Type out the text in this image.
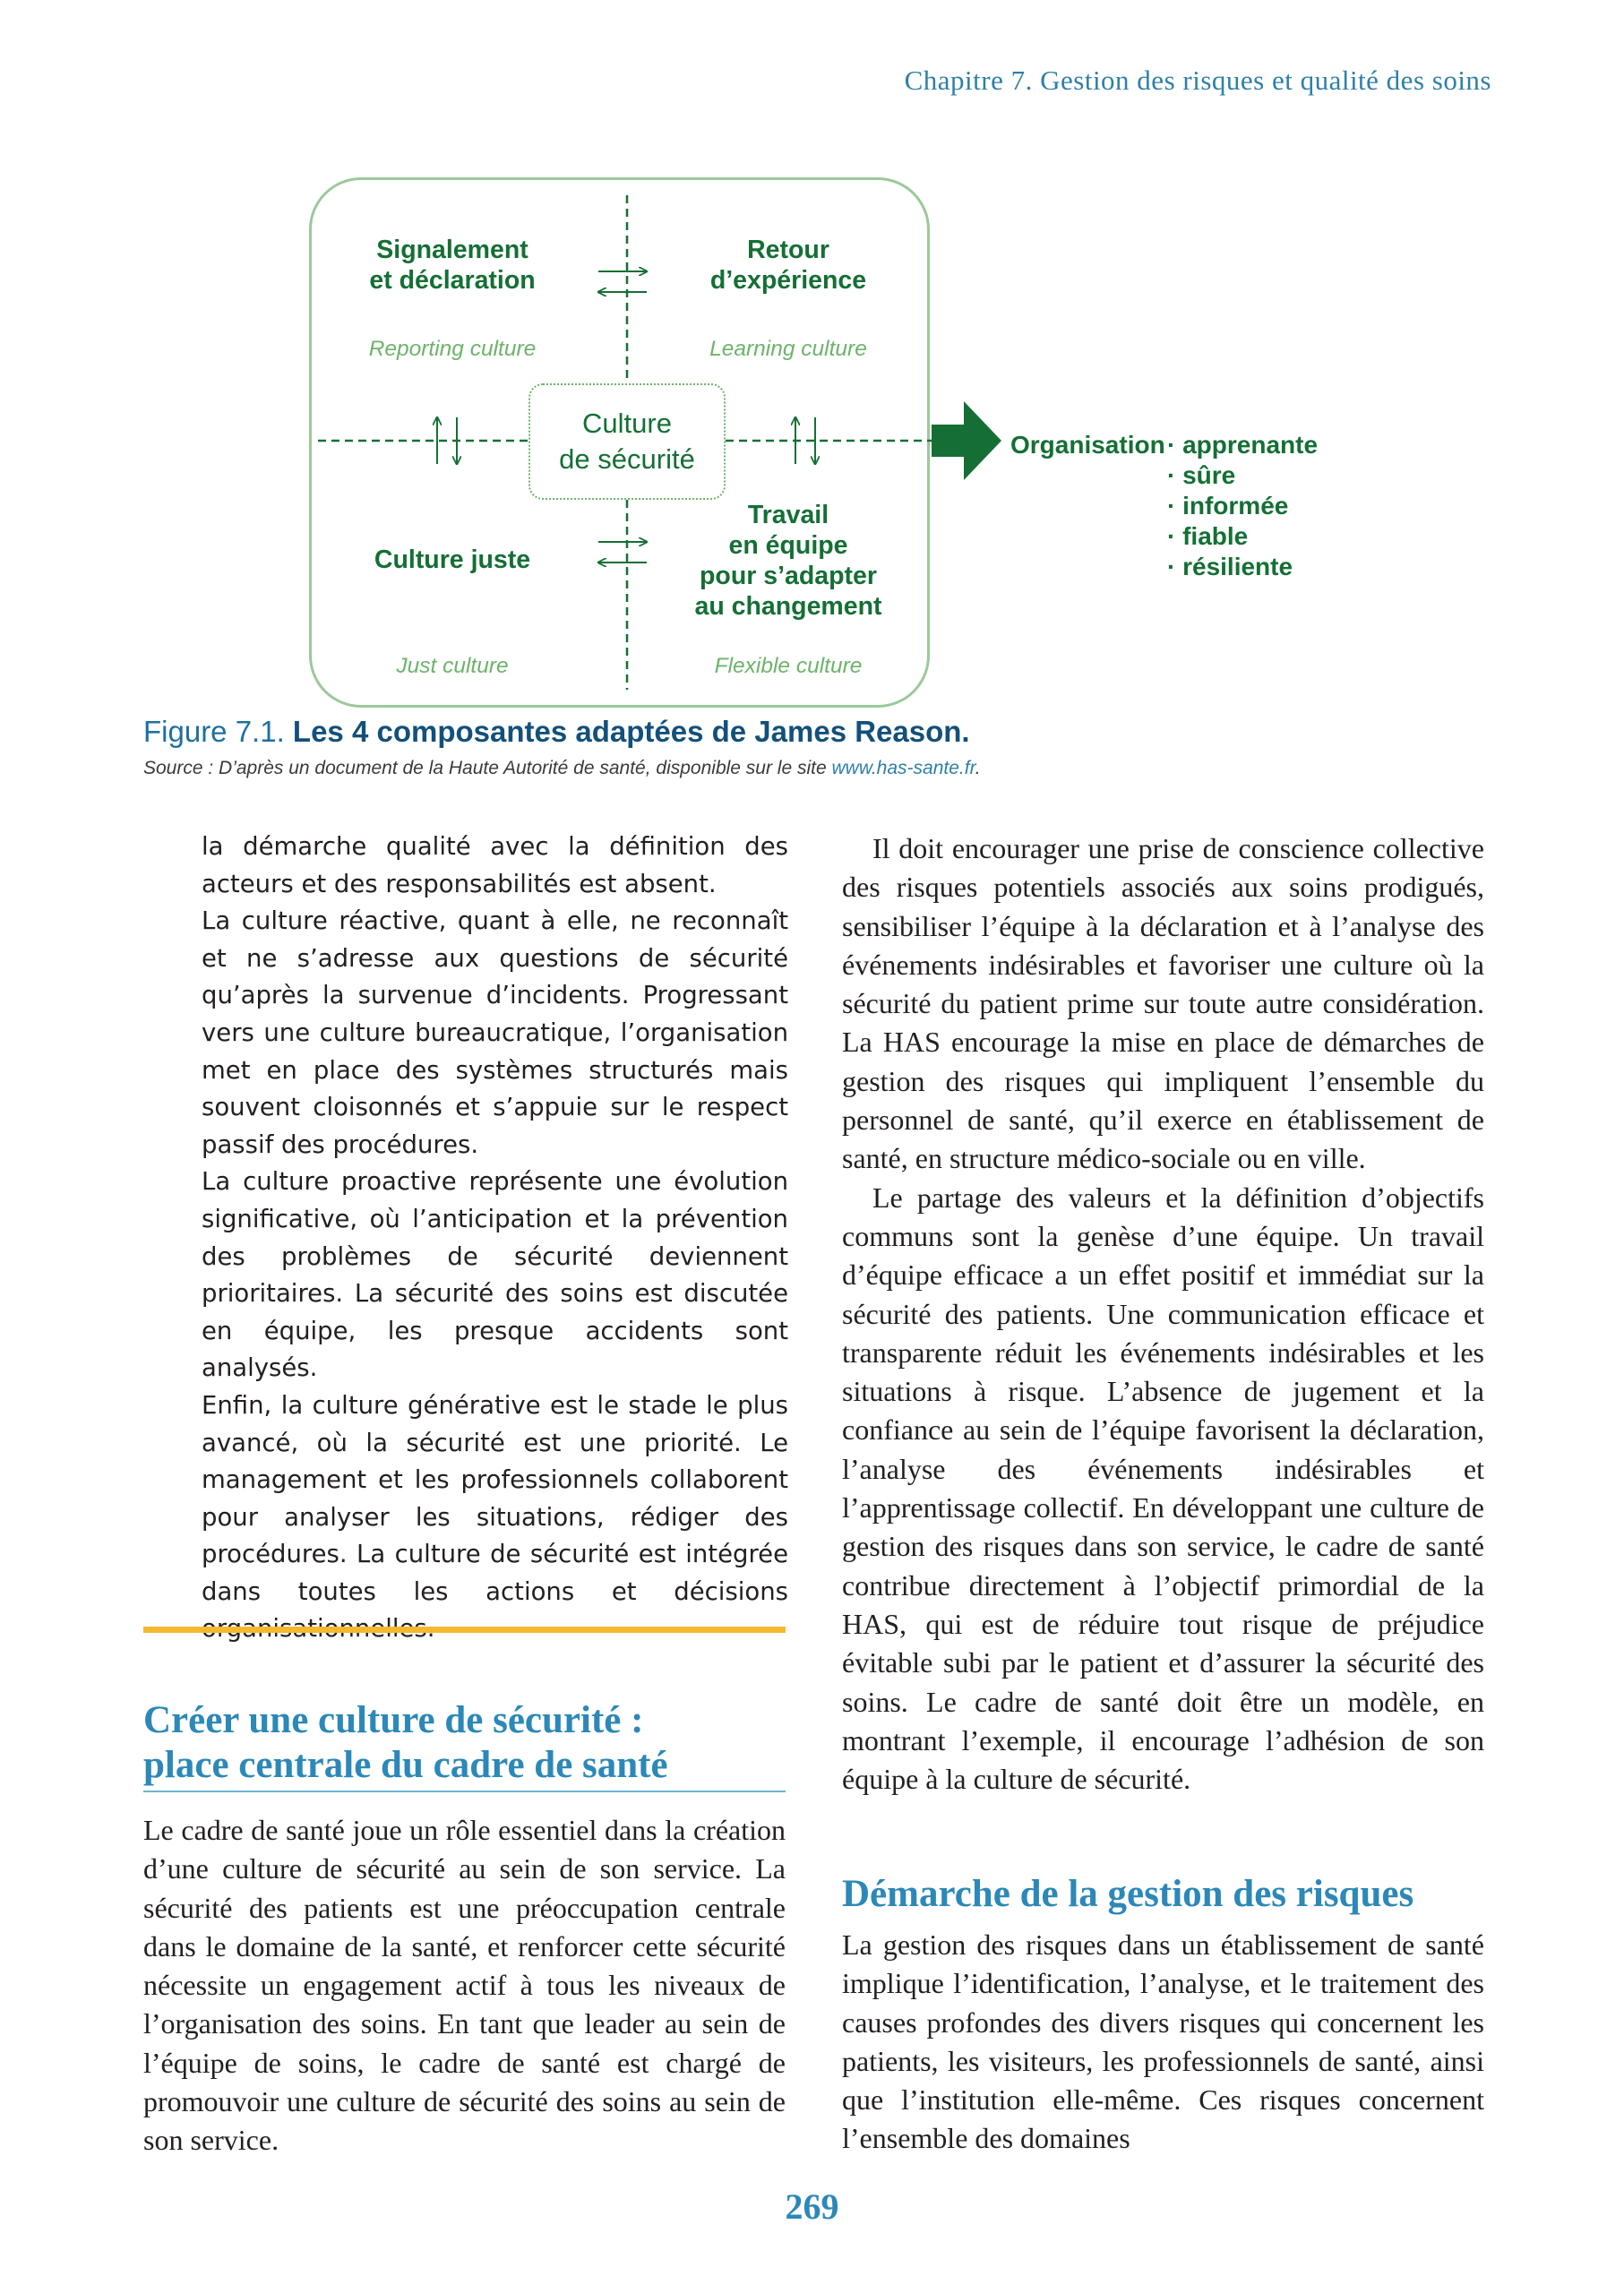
Chapitre 7. Gestion des risques et qualité des soins
Signalement
et déclaration
Reporting culture
Retour
d’expérience
Learning culture
Culture
de sécurité
Culture juste
Just culture
Travail
en équipe
pour s’adapter
au changement
Flexible culture
Organisation · apprenante
· sûre
· informée
· fiable
· résiliente
Figure 7.1. Les 4 composantes adaptées de James Reason.
Source : D’après un document de la Haute Autorité de santé, disponible sur le site www.has-sante.fr.

la démarche qualité avec la définition des acteurs et des responsabilités est absent.

La culture réactive, quant à elle, ne reconnaît et ne s’adresse aux questions de sécurité qu’après la survenue d’incidents. Progressant vers une culture bureaucratique, l’organisation met en place des systèmes structurés mais souvent cloisonnés et s’appuie sur le respect passif des procédures.

La culture proactive représente une évolution significative, où l’anticipation et la prévention des problèmes de sécurité deviennent prioritaires. La sécurité des soins est discutée en équipe, les presque accidents sont analysés.

Enfin, la culture générative est le stade le plus avancé, où la sécurité est une priorité. Le management et les professionnels collaborent pour analyser les situations, rédiger des procédures. La culture de sécurité est intégrée dans toutes les actions et décisions

Créer une culture de sécurité :
place centrale du cadre de santé

Le cadre de santé joue un rôle essentiel dans la création d’une culture de sécurité au sein de son service. La sécurité des patients est une préoccupation centrale dans le domaine de la santé, et renforcer cette sécurité nécessite un engagement actif à tous les niveaux de l’organisation des soins. En tant que leader au sein de l’équipe de soins, le cadre de santé est chargé de promouvoir une culture de sécurité des soins au sein de son service.

Il doit encourager une prise de conscience collective des risques potentiels associés aux soins prodigués, sensibiliser l’équipe à la déclaration et à l’analyse des événements indésirables et favoriser une culture où la sécurité du patient prime sur toute autre considération. La HAS encourage la mise en place de démarches de gestion des risques qui impliquent l’ensemble du personnel de santé, qu’il exerce en établissement de santé, en structure médico-sociale ou en ville.

Le partage des valeurs et la définition d’objectifs communs sont la genèse d’une équipe. Un travail d’équipe efficace a un effet positif et immédiat sur la sécurité des patients. Une communication efficace et transparente réduit les événements indésirables et les situations à risque. L’absence de jugement et la confiance au sein de l’équipe favorisent la déclaration, l’analyse des événements indésirables et l’apprentissage collectif. En développant une culture de gestion des risques dans son service, le cadre de santé contribue directement à l’objectif primordial de la HAS, qui est de réduire tout risque de préjudice évitable subi par le patient et d’assurer la sécurité des soins. Le cadre de santé doit être un modèle, en montrant l’exemple, il encourage l’adhésion de son équipe à la culture de sécurité.

Démarche de la gestion des risques

La gestion des risques dans un établissement de santé implique l’identification, l’analyse, et le traitement des causes profondes des divers risques qui concernent les patients, les visiteurs, les professionnels de santé, ainsi que l’institution elle-même. Ces risques concernent l’ensemble des domaines

269
